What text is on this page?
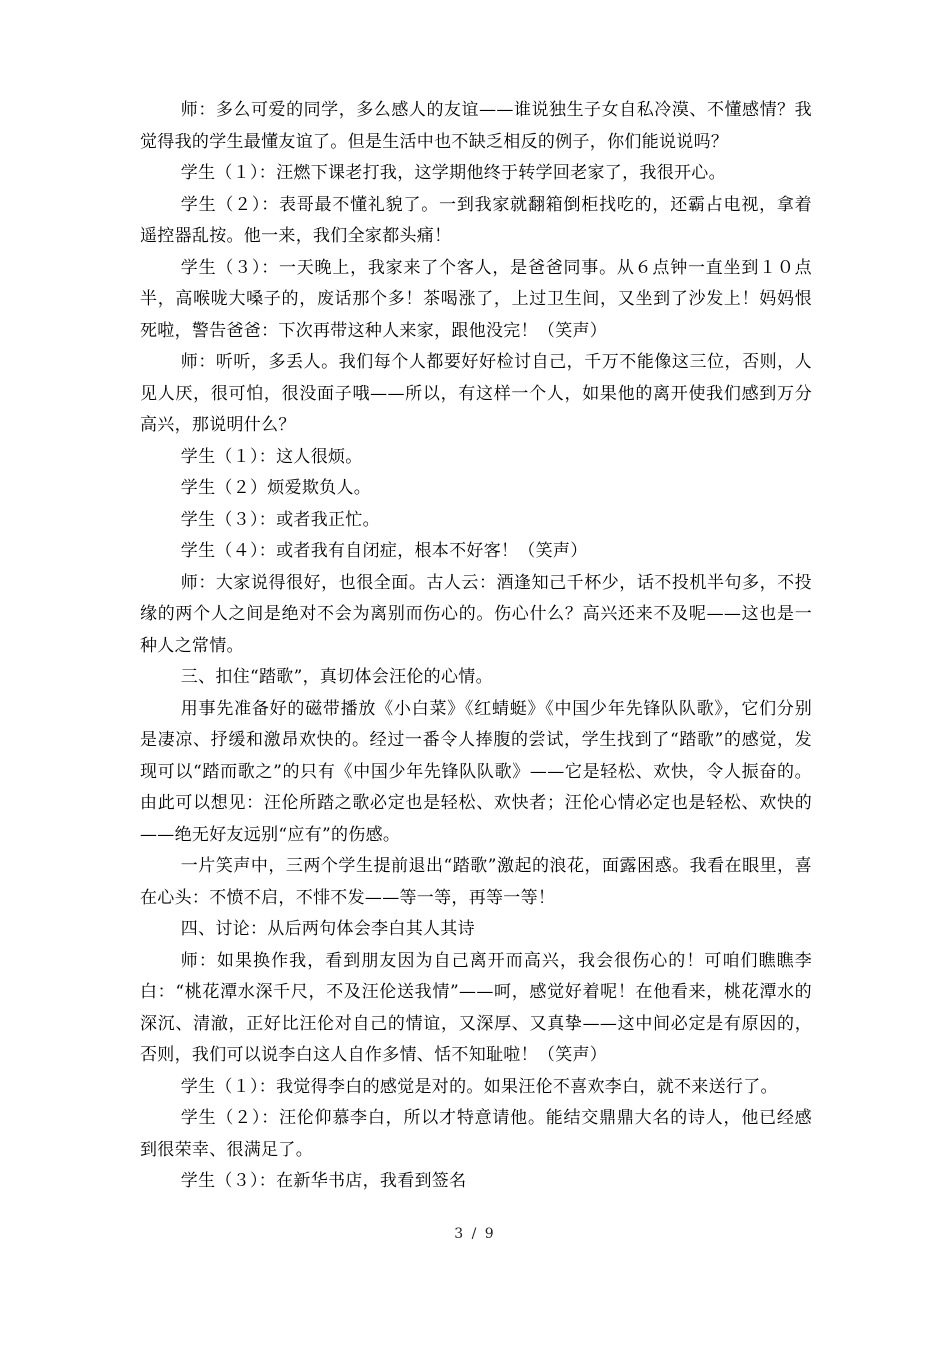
师：多么可爱的同学，多么感人的友谊——谁说独生子女自私冷漠、不懂感情？我觉得我的学生最懂友谊了。但是生活中也不缺乏相反的例子，你们能说说吗？

学生（１）：汪燃下课老打我，这学期他终于转学回老家了，我很开心。

学生（２）：表哥最不懂礼貌了。一到我家就翻箱倒柜找吃的，还霸占电视，拿着遥控器乱按。他一来，我们全家都头痛！

学生（３）：一天晚上，我家来了个客人，是爸爸同事。从６点钟一直坐到１０点半，高喉咙大嗓子的，废话那个多！茶喝涨了，上过卫生间，又坐到了沙发上！妈妈恨死啦，警告爸爸：下次再带这种人来家，跟他没完！（笑声）

师：听听，多丢人。我们每个人都要好好检讨自己，千万不能像这三位，否则，人见人厌，很可怕，很没面子哦——所以，有这样一个人，如果他的离开使我们感到万分高兴，那说明什么？

学生（１）：这人很烦。

学生（２）烦爱欺负人。

学生（３）：或者我正忙。

学生（４）：或者我有自闭症，根本不好客！（笑声）

师：大家说得很好，也很全面。古人云：酒逢知己千杯少，话不投机半句多，不投缘的两个人之间是绝对不会为离别而伤心的。伤心什么？高兴还来不及呢——这也是一种人之常情。

三、扣住“踏歌”，真切体会汪伦的心情。

用事先准备好的磁带播放《小白菜》《红蜻蜓》《中国少年先锋队队歌》，它们分别是凄凉、抒缓和激昂欢快的。经过一番令人捧腹的尝试，学生找到了“踏歌”的感觉，发现可以“踏而歌之”的只有《中国少年先锋队队歌》——它是轻松、欢快，令人振奋的。由此可以想见：汪伦所踏之歌必定也是轻松、欢快者；汪伦心情必定也是轻松、欢快的——绝无好友远别“应有”的伤感。

一片笑声中，三两个学生提前退出“踏歌”激起的浪花，面露困惑。我看在眼里，喜在心头：不愤不启，不悱不发——等一等，再等一等！

四、讨论：从后两句体会李白其人其诗

师：如果换作我，看到朋友因为自己离开而高兴，我会很伤心的！可咱们瞧瞧李白：“桃花潭水深千尺，不及汪伦送我情”——呵，感觉好着呢！在他看来，桃花潭水的深沉、清澈，正好比汪伦对自己的情谊，又深厚、又真挚——这中间必定是有原因的，否则，我们可以说李白这人自作多情、恬不知耻啦！（笑声）

学生（１）：我觉得李白的感觉是对的。如果汪伦不喜欢李白，就不来送行了。

学生（２）：汪伦仰慕李白，所以才特意请他。能结交鼎鼎大名的诗人，他已经感到很荣幸、很满足了。

学生（３）：在新华书店，我看到签名

3 / 9
